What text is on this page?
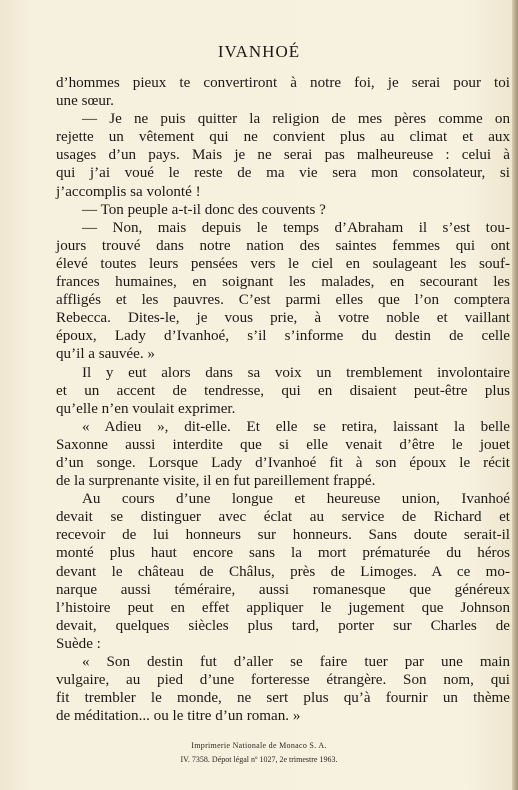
IVANHOÉ
d’hommes pieux te convertiront à notre foi, je serai pour toi
une sœur.
— Je ne puis quitter la religion de mes pères comme on
rejette un vêtement qui ne convient plus au climat et aux
usages d’un pays. Mais je ne serai pas malheureuse : celui à
qui j’ai voué le reste de ma vie sera mon consolateur, si
j’accomplis sa volonté !
— Ton peuple a-t-il donc des couvents ?
— Non, mais depuis le temps d’Abraham il s’est tou-
jours trouvé dans notre nation des saintes femmes qui ont
élevé toutes leurs pensées vers le ciel en soulageant les souf-
frances humaines, en soignant les malades, en secourant les
affligés et les pauvres. C’est parmi elles que l’on comptera
Rebecca. Dites-le, je vous prie, à votre noble et vaillant
époux, Lady d’Ivanhoé, s’il s’informe du destin de celle
qu’il a sauvée. »
Il y eut alors dans sa voix un tremblement involontaire
et un accent de tendresse, qui en disaient peut-être plus
qu’elle n’en voulait exprimer.
« Adieu », dit-elle. Et elle se retira, laissant la belle
Saxonne aussi interdite que si elle venait d’être le jouet
d’un songe. Lorsque Lady d’Ivanhoé fit à son époux le récit
de la surprenante visite, il en fut pareillement frappé.
Au cours d’une longue et heureuse union, Ivanhoé
devait se distinguer avec éclat au service de Richard et
recevoir de lui honneurs sur honneurs. Sans doute serait-il
monté plus haut encore sans la mort prématurée du héros
devant le château de Châlus, près de Limoges. A ce mo-
narque aussi téméraire, aussi romanesque que généreux
l’histoire peut en effet appliquer le jugement que Johnson
devait, quelques siècles plus tard, porter sur Charles de
Suède :
« Son destin fut d’aller se faire tuer par une main
vulgaire, au pied d’une forteresse étrangère. Son nom, qui
fit trembler le monde, ne sert plus qu’à fournir un thème
de méditation... ou le titre d’un roman. »
Imprimerie Nationale de Monaco S. A.
IV. 7358. Dépot légal nº 1027, 2e trimestre 1963.
